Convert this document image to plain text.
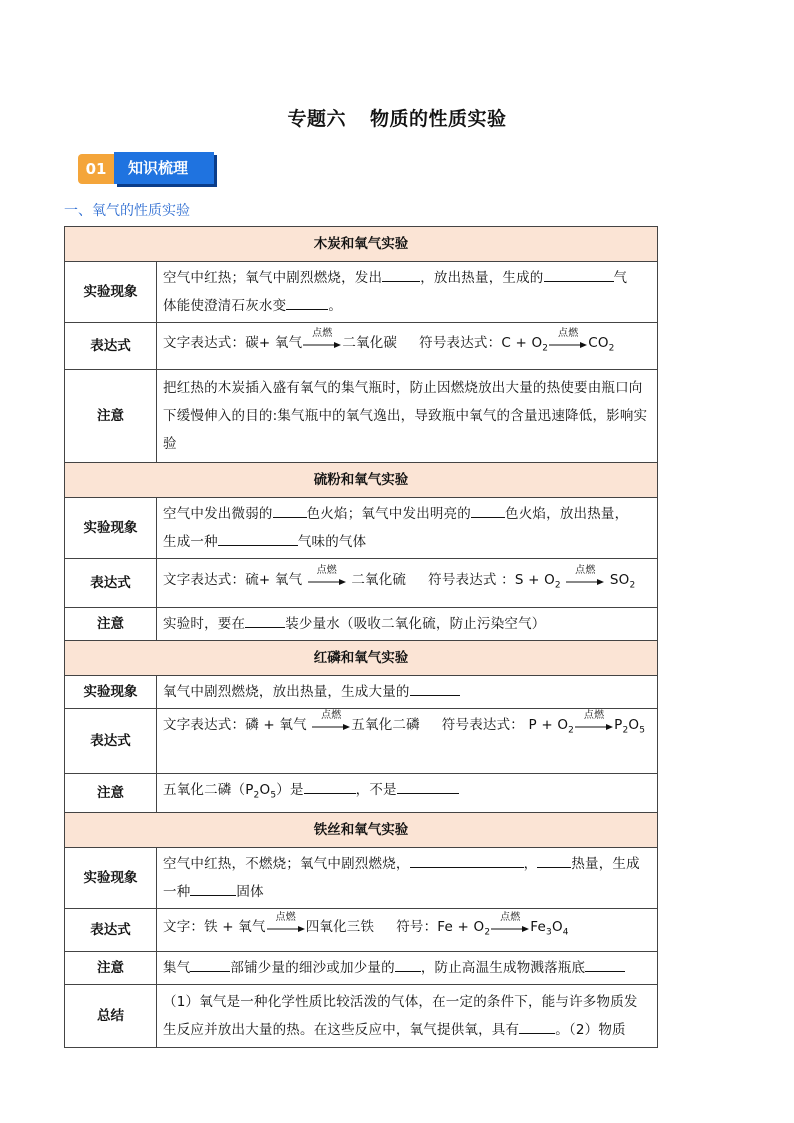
专题六 物质的性质实验
01	知识梳理
一、氧气的性质实验
木炭和氧气实验	
实验现象	空气中红热；氧气中剧烈燃烧，发出 ，放出热量，生成的 气
体能使澄清石灰水变 。
表达式	文字表达式：碳+ 氧气
点燃
二氧化碳 符号表达式：$C + O_2$
点燃
$CO_2$
注意	把红热的木炭插入盛有氧气的集气瓶时，防止因燃烧放出大量的热使要由瓶口向下缓慢伸入的目的:集气瓶中的氧气逸出，导致瓶中氧气的含量迅速降低，影响实验
硫粉和氧气实验	
实验现象	空气中发出微弱的 色火焰；氧气中发出明亮的 色火焰，放出热量，
生成一种 气味的气体
表达式	文字表达式：硫+ 氧气
点燃
二氧化硫 符号表达式 ：$S + O_2$
点燃
$SO_2$
注意	实验时，要在 装少量水（吸收二氧化硫，防止污染空气）
红磷和氧气实验	
实验现象	氧气中剧烈燃烧，放出热量，生成大量的
表达式	文字表达式：磷 + 氧气
点燃
五氧化二磷 符号表达式： $P + O_2$
点燃
$P_2O_5$
注意	五氧化二磷$(P_2O_5)$是 ，不是
铁丝和氧气实验	
实验现象	空气中红热，不燃烧；氧气中剧烈燃烧， ， 热量，生成
一种 固体
表达式	文字：铁 + 氧气
点燃
四氧化三铁 符号：$Fe + O_2$
点燃
$Fe_3O_4$
注意	集气 部铺少量的细沙或加少量的 ，防止高温生成物溅落瓶底
总结	（1）氧气是一种化学性质比较活泼的气体，在一定的条件下，能与许多物质发生反应并放出大量的热。在这些反应中，氧气提供氧，具有 。（2）物质
